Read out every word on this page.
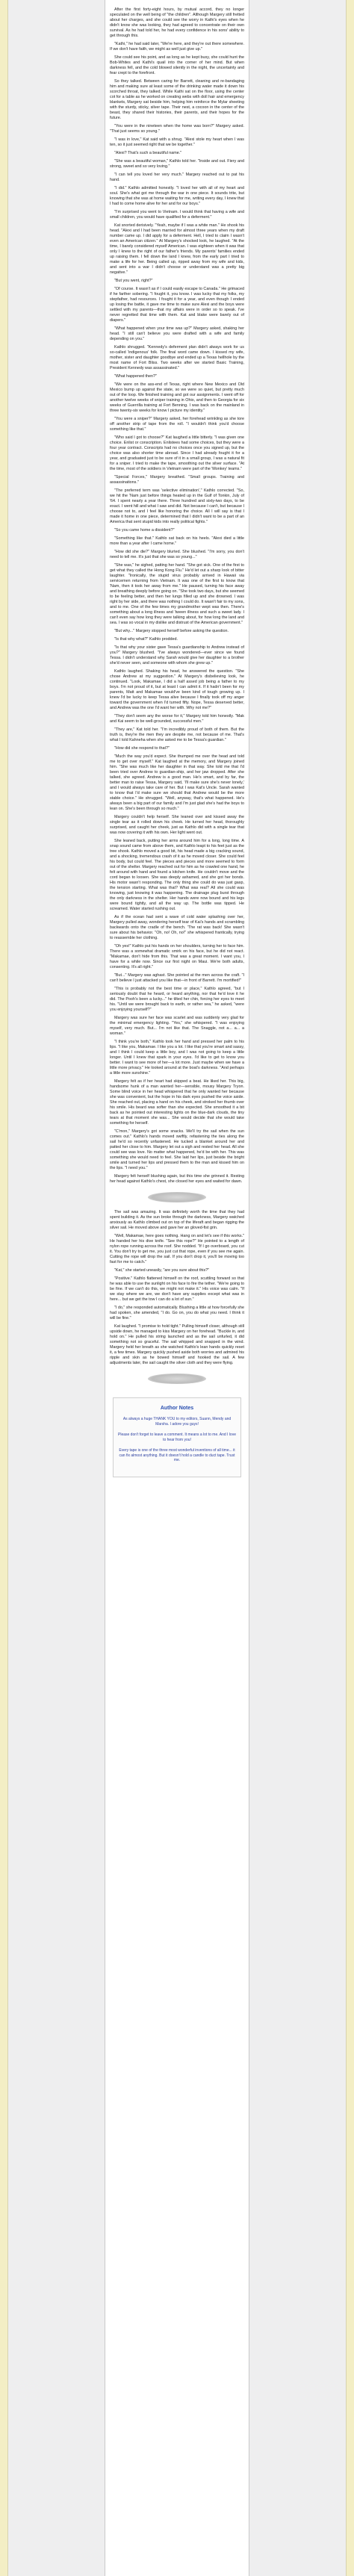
After the first forty-eight hours, by mutual accord, they no longer speculated on the well being of "the children". Although Margery still fretted about her charges, and she could see the worry in Kathi's eyes when he didn't know she was looking, they had agreed to concentrate on their own survival. As he had told her, he had every confidence in his sons' ability to get through this.

"Kathi," he had said later, "We're here, and they're out there somewhere. If we don't have faith, we might as well just give up."

She could see his point, and as long as he kept busy, she could hunt the Bob-Whites and Kathi's quail into the corner of her mind. But when darkness fell, and the cold blowed silently in the night, the uncertainty and fear crept to the forefront.

So they talked. Between caring for Barrett, cleaning and re-bandaging him and making sure at least some of the drinking water made it down his scorched throat, they talked. While Kathi sat on the floor, using the center cot for a table as he worked on creating webs with doll hair and emergency blankets, Margery sat beside him, helping him reinforce the Mylar sheeting with the sturdy, sticky, silver tape. Their nest, a cocoon in the center of the beast, they shared their histories, their parents, and their hopes for the future.

"You were in the nineteen when the home was born?" Margery asked. "That just seems so young."

"I was in love," Kat said with a shrug. "Alexi stole my heart when I was ten, so it just seemed right that we be together."

"Alexi? That's such a beautiful name."

"She was a beautiful woman," Kathlo told her. "Inside and out. Fiery and strong, sweet and so very loving."

"I can tell you loved her very much." Margery reached out to pat his hand.

"I did." Kathlo admitted honestly. "I loved her with all of my heart and soul. She's what got me through the war in one piece. It sounds trite, but knowing that she was at home waiting for me, writing every day, I knew that I had to come home alive for her and for our boys."

"I'm surprised you went to Vietnam. I would think that having a wife and small children, you would have qualified for a deferment."

Kat snorted derisively. "Yeah, maybe if I was a white man." He shook his head. "Alexi and I had been married for almost three years when my draft number came up. I did apply for a deferment. Hell, I tried to claim I wasn't even an American citizen." At Margery's shocked look, he laughed. "At the time, I barely considered myself American. I was eighteen when it was that only I knew to the right of our father's friends. My parents' families ended up raising them. I fell down the land I knew, from the early part I tried to make a life for her. Being called up, ripped away from my wife and kids, and sent into a war I didn't choose or understand was a pretty big negative."

"But you went, right?"

"Of course. It wasn't as if I could easily escape to Canada." He grimaced if he farther sobering. "I fought it, you know. I was lucky that my folks, my stepfather, had resources. I fought it for a year, and even though I ended up losing the battle, it gave me time to make sure Alexi and the boys were settled with my parents—that my affairs were in order so to speak. I've never regretted that time with them. Kat and blake were barely out of diapers."

"What happened when your time was up?" Margery asked, shaking her head. "I still can't believe you were drafted with a wife and family depending on you."

Kathlo shrugged. "Kennedy's deferment plan didn't always work for us so-called 'indigenous' folk. The final word came down. I kissed my wife, mother, sister and daughter goodbye and ended up a Texas hellhole by the most name of Fort Bliss. Two weeks after we started Basic Training, President Kennedy was assassinated."

"What happened then?"

"We were on the ass-end of Texas, right where New Mexico and Old Mexico bump up against the state, so we were so quiet, but pretty much out of the loop. We finished training and got our assignments. I went off for another twelve weeks of sniper training in Ohio, and then to Georgia for six weeks of Guerrilla training at Fort Benning. I was back on the mainland in three twenty-six weeks for know I picture my identity."

"You were a sniper?" Margery asked, her forehead wrinkling as she tore off another strip of tape from the roll. "I wouldn't think you'd choose something like that."

"Who said I got to choose?" Kat laughed a little bitterly. "I was given one choice. Enlist or conscription. Enlistees had some choices, but they were a four year contract. Conscripts had no choices once you signed up, but the choice was also shorter time abroad. Since I had already fought it for a year, and graduated just to be sure of it in a small group, I was a natural fit for a sniper. I tried to make the tape, smoothing out the silver surface. "At the time, most of the soldiers in Vietnam were part of the 'Monkey' teams."

"Special Forces," Margery breathed. "Small groups. Training and assassinations."

"The preferred term was 'selective elimination'," Kathlo corrected. "So, we hit the 'Nam just before things heated up in the Gulf of Tonkin, July of '64. I spent nearly a year there. Three hundred and sixty-two days, to be exact. I went hill and what I saw and did. Not because I can't, but because I choose not to, and I feel like honoring the choice. All I will say is that I made it home in one piece, determined that I didn't want to be a part of an America that sent stupid kids into really political fights."

"So you came home a dissident?"

"Something like that." Kathlo sat back on his heels. "Alexi died a little more than a year after I came home."

"How did she die?" Margery blurted. She blushed. "I'm sorry, you don't need to tell me. It's just that she was so young..."

"She was," he sighed, patting her hand. "She got sick. One of the first to get what they called the Hong Kong Flu." He'd let out a sharp look of bitter laughter. "Ironically, the stupid virus probably arrived in Hawaii via servicemen returning from Vietnam. It was one of the first to know that 'Nam, then it took her away from me." He paused, turning his face away and breathing deeply before going on. "She took two days, but she seemed to be feeling better, and then her lungs filled up and she drowned. I was right by her side, and there was nothing I could do. It wasn't fair to my sons, and to me. One of the few times my grandmother wept was then. There's something about a long illness and 'tween illness and such a sweet lady. I can't even say how long they were talking about, for how long the land and sea. I was so vocal in my dislike and distrust of the American government."

"But why..." Margery stopped herself before asking the question.

"Is that why what?" Kathlo prodded.

"Is that why your sister gave Tessa's guardianship to Andrew instead of you?" Margery blushed. "I've always wondered—ever since we found Tessa. I didn't understand why Sarah would give her daughter to a brother she'd never seen, and someone with whom she grew up."

Kathlo laughed. Shaking his head, he answered the question. "She chose Andrew at my suggestion." At Margery's disbelieving look, he continued. "Look, Makamae, I did a half assed job being a father to my boys. I'm not proud of it, but at least I can admit it. If it hadn't been for my parents, Matt and Makamae would've been kind of tough growing up. I knew I'd be lucky to keep Tessa alive because I finally took off my anger toward the government when I'd turned fifty. Nope, Tessa deserved better, and Andrew was the one I'd want her with. Why not me?"

"They don't seem any the worse for it," Margery told him honestly. "Mak and Kai seem to be well-grounded, successful men."

"They are," Kat told her. "I'm incredibly proud of both of them. But the truth is, they're the men they are despite me, not because of me. That's what I told Kahneha when she asked me to be Tessa's guardian."

"How did she respond to that?"

"Much the way you'd expect. She thumped me over the head and told me to get over myself." Kat laughed at the memory, and Margery joined him. "She was much like her daughter in that way. She told me that I'd been tried over Andrew to guardian-ship, and her jaw dropped. After she talked, she agreed. Andrew is a good man. He's smart, and by far, the better man to raise Tessa, Margery said, 'I'll make sure she's never lonely,' and I would always take care of her. But I was Kat's Uncle. Sarah wanted to know that I'd make sure we should that Andrew would be the more stable choice." He shrugged. "Well, anyway, that's what happened. He's always been a big part of our family and I'm just glad she's had the boys to lean on. She's been through so much."

Margery couldn't help herself. She leaned over and kissed away the single tear as it rolled down his cheek. He turned her head, thoroughly surprised, and caught her cheek, just as Kathlo did with a single tear that was now covering it with his own. Her light went out.

She leaned back, putting her arms around him for a long, long time. A snap sound came from above them, and Kathlo leapt to his feet just as the tree shook. Kathlo moved a good bit, his head made a big cracking sound, and a shocking, tremendous crash of it as he moved closer. She could feel his body, but could feel. The pieces and pieces and more seemed to form out of the shelter. Margery reached out for him as he crawled one hand, he felt around with hand and found a kitchen knife. He couldn't move and the cord began to loosen. She was deeply ashamed, and she got her bonds. His motor wasn't responding. The only thing she could do was just gasp, the tension starting. What was that? What was real? All she could was knowing, just knowing it was happening. The drainage plug burst through the only darkness in the shelter. Her hands were now bound and his legs were bound tightly, and all the way up. The bottle was tipped. He screamed. Water started rushing out.

As if the ocean had sent a wave of cold water splashing over her, Margery pulled away, wondering herself tear of Kai's hands and scrambling backwards onto the cradle of the bench. 'The rat was back! She wasn't sure about his behavior. "Oh, no! Oh, no!" she whispered frantically, trying to reassemble her clothing.

"Oh yes!" Kathlo put his hands on her shoulders, turning her to face him. There was a somewhat dramatic smirk on his face, but he did not react. "Makamae, don't hide from this. That was a great moment. I want you, I have for a while now. Since our first night on Maui. We're both adults, consenting. It's all right."

"But..." Margery was aghast. She pointed at the men across the craft. "I can't believe I just attacked you like that—in front of Barrett. I'm mortified!"

"This is probably not the best time or place," Kathlo agreed, "but I seriously doubt that he heard, or heard anything, nor that he'd love it he did. The Pooh's been a lucky..." he tilted her chin, forcing her eyes to meet his. "Until we were brought back to earth, or rather sea," he asked, "were you enjoying yourself?"

Margery was sure her face was scarlet and was suddenly very glad for the minimal emergency lighting. "Yes," she whispered. "I was enjoying myself, very much. But... I'm not like that. The Snaggle, not a... a... a woman."

"I think you're both," Kathlo took her hand and pressed her palm to his lips. "I like you, Makamae. I like you a lot. I like that you're smart and sassy, and I think I could keep a little boy, and I was not going to keep a little longer. Until I knew that spark in your eyes. I'd like to get to know you better. I want to see more of her—a lot more. Just maybe when we have a little more privacy." He looked around at the boat's darkness. "And perhaps a little more sunshine."

Margery felt as if her heart had skipped a beat. He liked her. This big, handsome hunk of a man wanted her—sensible, mousy Margery Tryon. Some blind voice in her head whispered that he only wanted her because she was convenient, but the hope in his dark eyes pushed the voice aside. She reached out, placing a hand on his cheek, and stroked her thumb over his smile. His beard was softer than she expected. She smoothed it a bit back as he pointed out interesting lights on the blue-dark clouds, the tiny tears at that moment she was... She would decide that she would take something for herself.

"C'mon," Margery's got some snacks. We'll try the sail when the sun comes out." Kathlo's hands moved swiftly, refastening the ties along the sail he'd so recently unfastened. He tucked a blanket around her and patted her close to him. Margery let out a sigh and rested her head. All she could see was love. No matter what happened, he'd be with her. This was something she would need to feel. She laid her lips, just beside the bright smile and turned her lips and pressed them to the man and kissed him on the lips. "I need you."

Margery felt herself blushing again, but this time she grinned it. Resting her head against Kathlo's chest, she closed her eyes and waited for dawn.

The sail was amazing. It was definitely worth the time that they had spent building it. As the sun broke through the darkness, Margery watched anxiously as Kathlo climbed out on top of the liferaft and began rigging the silver sail. He moved above and gave her an gloved-fist grin.

"Well, Makamae, here goes nothing. Hang on and let's see if this works." He handed her his dive knife. "See this rope?" He pointed to a length of nylon rope running across the roof. She nodded. "If I go overboard, you cut it. You don't try to get me, you just cut that rope, even if you see me again. Cutting the rope will drop the sail. If you don't drop it, you'll be moving too fast for me to catch."

"Kat," she started uneasily, "are you sure about this?"

"Positive." Kathlo flattened himself on the roof, scuttling forward so that he was able to use the sunlight on his face to fire the tether. "We're going to be fine. If we can't do this, we might not make it." His voice was calm. "If we stay where we are, we don't have any supplies except what was in here... but we get the tow I can do a lot of sun."

"I do," she responded automatically. Blushing a little at how forcefully she had spoken, she amended, "I do. Go on, you do what you need. I think it will be fine."

Kat laughed. "I promise to hold tight." Pulling himself closer, although still upside down, he managed to kiss Margery on her forehead. "Buckle in, and hold on." He pulled his string launched and as the sail unfurled, it did something not so graceful. The sail whipped and snapped in the wind. Margery held her breath as she watched Kathlo's lean hands quickly reset it, a few times. Margery quickly pushed aside both worries and admired his ripple and skin as he bowed himself and hooked the sail. A few adjustments later, the sail caught the silver cloth and they were flying.

Author Notes

As always a huge THANK YOU to my editors, Suann, Mendy and Marsha. I adore you guys!

Please don't forget to leave a comment. It means a lot to me. And I love to hear from you!

Every tape is one of the three most wonderful inventions of all time... it can fix almost anything. But it doesn't hold a candle to duct tape. Trust me.
